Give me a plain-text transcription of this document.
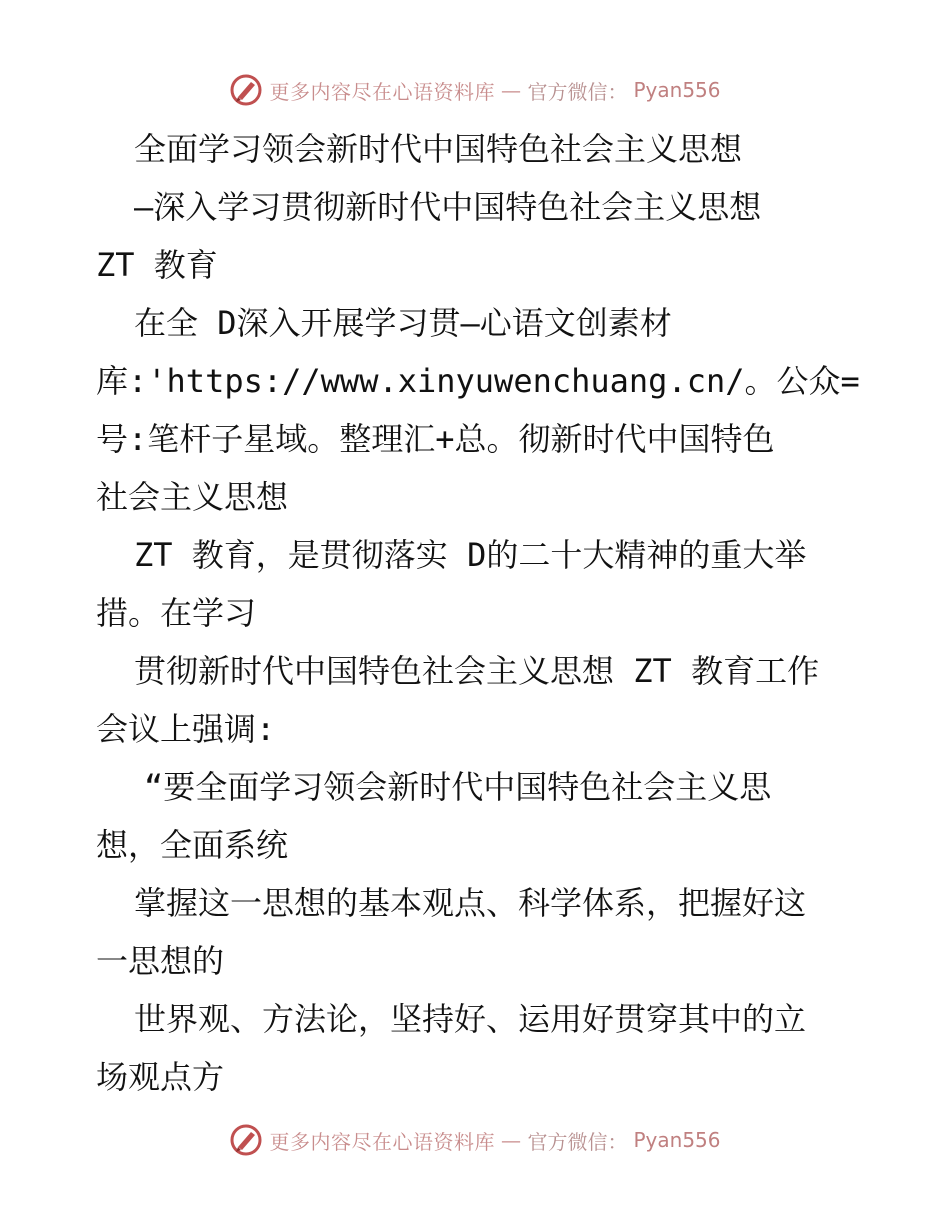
更多内容尽在心语资料库 — 官方微信： Pyan556
全面学习领会新时代中国特色社会主义思想
—深入学习贯彻新时代中国特色社会主义思想
ZT 教育
在全 D深入开展学习贯—心语文创素材
库:'https://www.xinyuwenchuang.cn/。公众=
号:笔杆子星域。整理汇+总。彻新时代中国特色
社会主义思想
ZT 教育，是贯彻落实 D的二十大精神的重大举
措。在学习
贯彻新时代中国特色社会主义思想 ZT 教育工作
会议上强调:
“要全面学习领会新时代中国特色社会主义思
想，全面系统
掌握这一思想的基本观点、科学体系，把握好这
一思想的
世界观、方法论，坚持好、运用好贯穿其中的立
场观点方
更多内容尽在心语资料库 — 官方微信： Pyan556
